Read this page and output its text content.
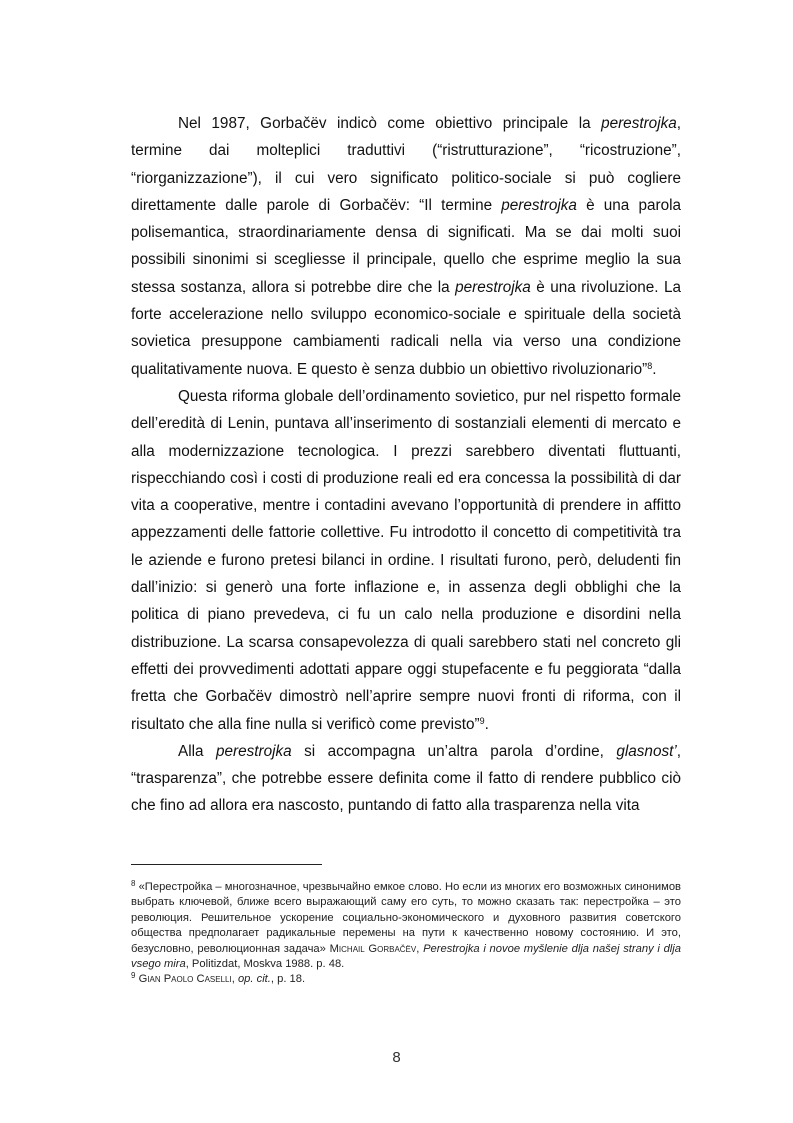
Nel 1987, Gorbačëv indicò come obiettivo principale la perestrojka, termine dai molteplici traduttivi (“ristrutturazione”, “ricostruzione”, “riorganizzazione”), il cui vero significato politico-sociale si può cogliere direttamente dalle parole di Gorbačëv: “Il termine perestrojka è una parola polisemantica, straordinariamente densa di significati. Ma se dai molti suoi possibili sinonimi si scegliesse il principale, quello che esprime meglio la sua stessa sostanza, allora si potrebbe dire che la perestrojka è una rivoluzione. La forte accelerazione nello sviluppo economico-sociale e spirituale della società sovietica presuppone cambiamenti radicali nella via verso una condizione qualitativamente nuova. E questo è senza dubbio un obiettivo rivoluzionario”$^8$.

Questa riforma globale dell’ordinamento sovietico, pur nel rispetto formale dell’eredità di Lenin, puntava all’inserimento di sostanziali elementi di mercato e alla modernizzazione tecnologica. I prezzi sarebbero diventati fluttuanti, rispecchiando così i costi di produzione reali ed era concessa la possibilità di dar vita a cooperative, mentre i contadini avevano l’opportunità di prendere in affitto appezzamenti delle fattorie collettive. Fu introdotto il concetto di competitività tra le aziende e furono pretesi bilanci in ordine. I risultati furono, però, deludenti fin dall’inizio: si generò una forte inflazione e, in assenza degli obblighi che la politica di piano prevedeva, ci fu un calo nella produzione e disordini nella distribuzione. La scarsa consapevolezza di quali sarebbero stati nel concreto gli effetti dei provvedimenti adottati appare oggi stupefacente e fu peggiorata “dalla fretta che Gorbačëv dimostrò nell’aprire sempre nuovi fronti di riforma, con il risultato che alla fine nulla si verificò come previsto”$^9$.

Alla perestrojka si accompagna un’altra parola d’ordine, glasnost’, “trasparenza”, che potrebbe essere definita come il fatto di rendere pubblico ciò che fino ad allora era nascosto, puntando di fatto alla trasparenza nella vita

$^8$ «Перестройка – многозначное, чрезвычайно емкое слово. Но если из многих его возможных синонимов выбрать ключевой, ближе всего выражающий саму его суть, то можно сказать так: перестройка – это революция. Решительное ускорение социально-экономического и духовного развития советского общества предполагает радикальные перемены на пути к качественно новому состоянию. И это, безусловно, революционная задача» Michail Gorbačëv, Perestrojka i novoe myšlenie dlja našej strany i dlja vsego mira, Politizdat, Moskva 1988. p. 48.

$^9$ Gian Paolo Caselli, op. cit., p. 18.

8
